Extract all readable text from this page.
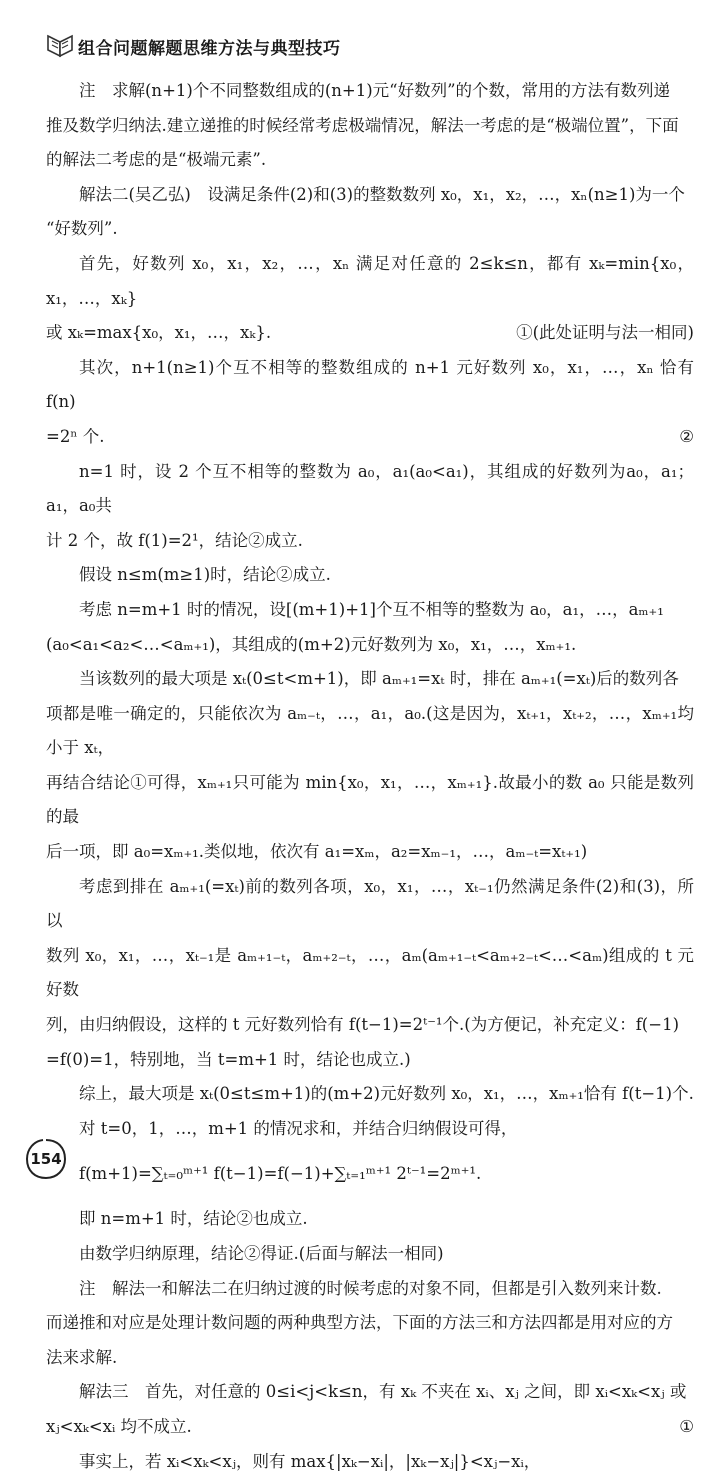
组合问题解题思维方法与典型技巧

注　求解(n+1)个不同整数组成的(n+1)元“好数列”的个数，常用的方法有数列递

推及数学归纳法.建立递推的时候经常考虑极端情况，解法一考虑的是“极端位置”，下面

的解法二考虑的是“极端元素”.

解法二(吴乙弘)　设满足条件(2)和(3)的整数数列 x₀，x₁，x₂，…，xₙ(n≥1)为一个

“好数列”.

首先，好数列 x₀，x₁，x₂，…，xₙ 满足对任意的 2≤k≤n，都有 xₖ=min{x₀，x₁，…，xₖ}

或 xₖ=max{x₀，x₁，…，xₖ}.	①(此处证明与法一相同)

其次，n+1(n≥1)个互不相等的整数组成的 n+1 元好数列 x₀，x₁，…，xₙ 恰有 f(n)

=2ⁿ 个.	②

n=1 时，设 2 个互不相等的整数为 a₀，a₁(a₀<a₁)，其组成的好数列为a₀，a₁；a₁，a₀共

计 2 个，故 f(1)=2¹，结论②成立.

假设 n≤m(m≥1)时，结论②成立.

考虑 n=m+1 时的情况，设[(m+1)+1]个互不相等的整数为 a₀，a₁，…，aₘ₊₁

(a₀<a₁<a₂<…<aₘ₊₁)，其组成的(m+2)元好数列为 x₀，x₁，…，xₘ₊₁.

当该数列的最大项是 xₜ(0≤t<m+1)，即 aₘ₊₁=xₜ 时，排在 aₘ₊₁(=xₜ)后的数列各

项都是唯一确定的，只能依次为 aₘ₋ₜ，…，a₁，a₀.(这是因为，xₜ₊₁，xₜ₊₂，…，xₘ₊₁均小于 xₜ，

再结合结论①可得，xₘ₊₁只可能为 min{x₀，x₁，…，xₘ₊₁}.故最小的数 a₀ 只能是数列的最

后一项，即 a₀=xₘ₊₁.类似地，依次有 a₁=xₘ，a₂=xₘ₋₁，…，aₘ₋ₜ=xₜ₊₁)

考虑到排在 aₘ₊₁(=xₜ)前的数列各项，x₀，x₁，…，xₜ₋₁仍然满足条件(2)和(3)，所以

数列 x₀，x₁，…，xₜ₋₁是 aₘ₊₁₋ₜ，aₘ₊₂₋ₜ，…，aₘ(aₘ₊₁₋ₜ<aₘ₊₂₋ₜ<…<aₘ)组成的 t 元好数

列，由归纳假设，这样的 t 元好数列恰有 f(t−1)=2ᵗ⁻¹个.(为方便记，补充定义：f(−1)

=f(0)=1，特别地，当 t=m+1 时，结论也成立.)

综上，最大项是 xₜ(0≤t≤m+1)的(m+2)元好数列 x₀，x₁，…，xₘ₊₁恰有 f(t−1)个.

对 t=0，1，…，m+1 的情况求和，并结合归纳假设可得，

f(m+1)=∑ₜ₌₀ᵐ⁺¹ f(t−1)=f(−1)+∑ₜ₌₁ᵐ⁺¹ 2ᵗ⁻¹=2ᵐ⁺¹.

即 n=m+1 时，结论②也成立.

由数学归纳原理，结论②得证.(后面与解法一相同)

注　解法一和解法二在归纳过渡的时候考虑的对象不同，但都是引入数列来计数.

而递推和对应是处理计数问题的两种典型方法，下面的方法三和方法四都是用对应的方

法来求解.

解法三　首先，对任意的 0≤i<j<k≤n，有 xₖ 不夹在 xᵢ、xⱼ 之间，即 xᵢ<xₖ<xⱼ 或

xⱼ<xₖ<xᵢ 均不成立.	①

事实上，若 xᵢ<xₖ<xⱼ，则有 max{|xₖ−xᵢ|，|xₖ−xⱼ|}<xⱼ−xᵢ，

154
